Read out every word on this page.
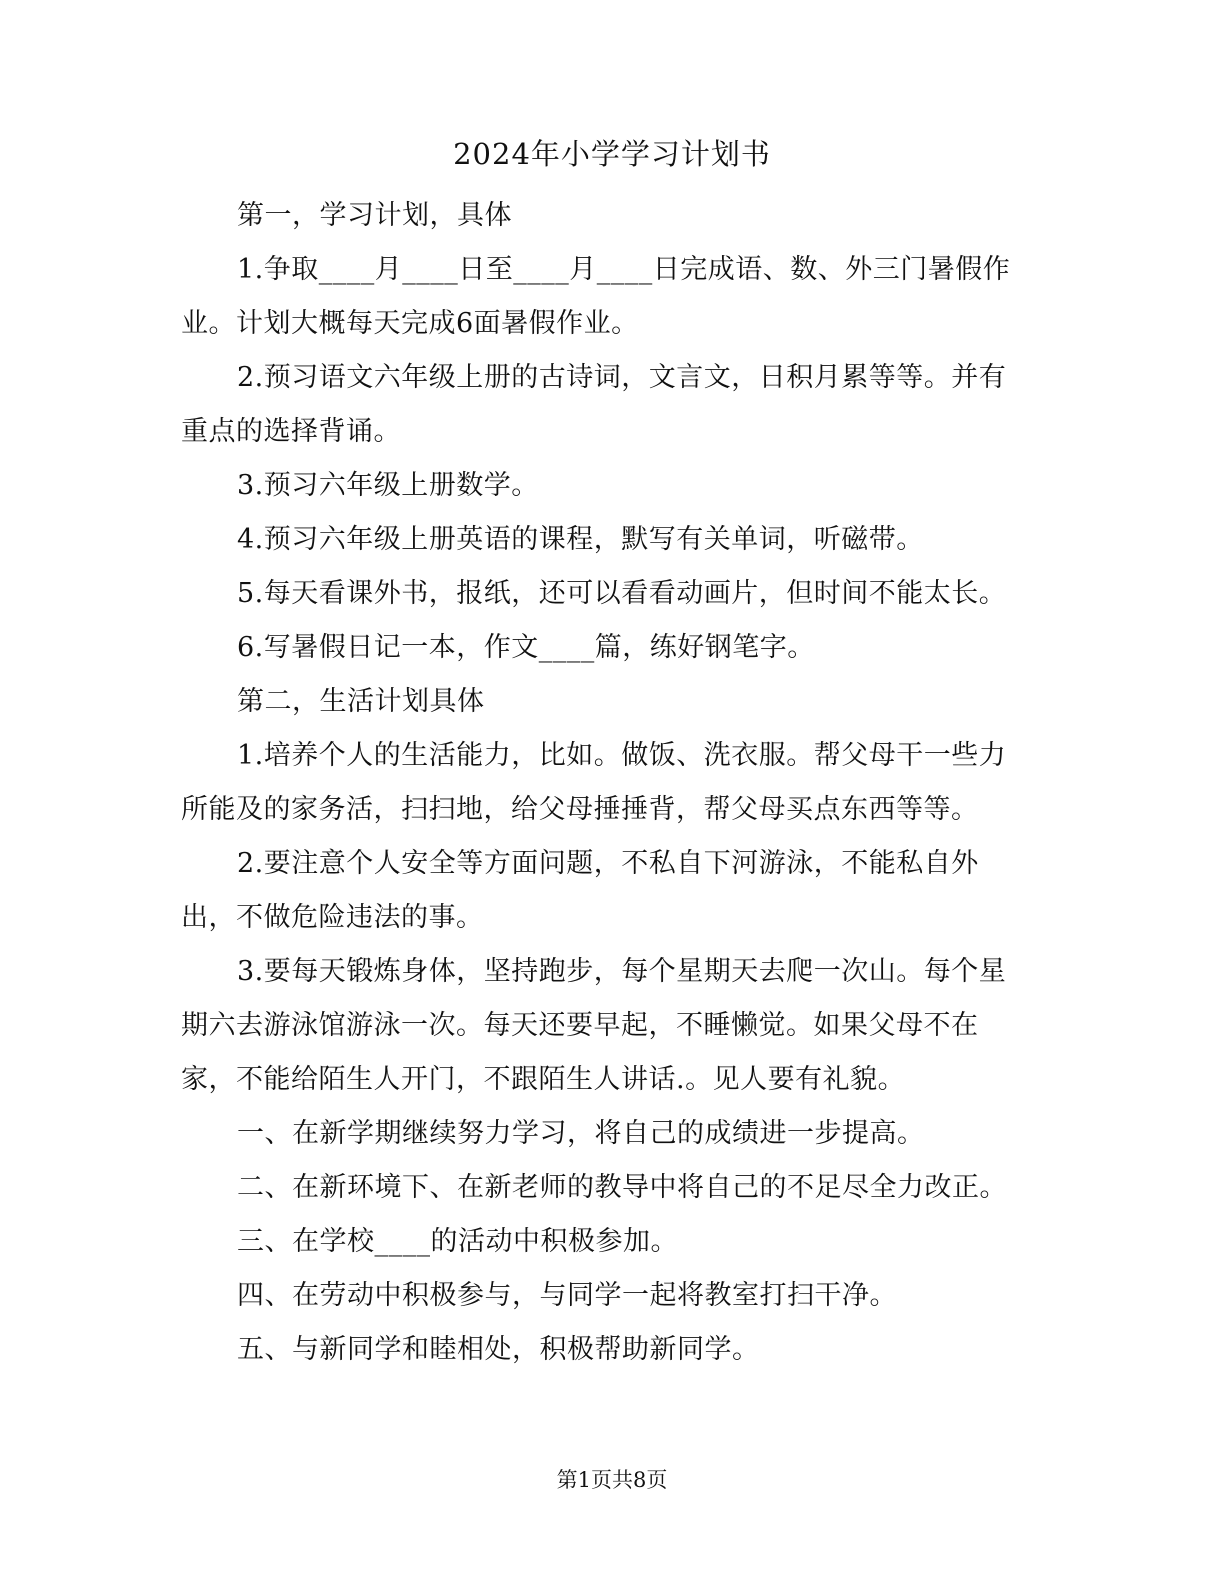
2024年小学学习计划书

第一，学习计划，具体

1.争取____月____日至____月____日完成语、数、外三门暑假作业。计划大概每天完成6面暑假作业。

2.预习语文六年级上册的古诗词，文言文，日积月累等等。并有重点的选择背诵。

3.预习六年级上册数学。

4.预习六年级上册英语的课程，默写有关单词，听磁带。

5.每天看课外书，报纸，还可以看看动画片，但时间不能太长。

6.写暑假日记一本，作文____篇，练好钢笔字。

第二，生活计划具体

1.培养个人的生活能力，比如。做饭、洗衣服。帮父母干一些力所能及的家务活，扫扫地，给父母捶捶背，帮父母买点东西等等。

2.要注意个人安全等方面问题，不私自下河游泳，不能私自外出，不做危险违法的事。

3.要每天锻炼身体，坚持跑步，每个星期天去爬一次山。每个星期六去游泳馆游泳一次。每天还要早起，不睡懒觉。如果父母不在家，不能给陌生人开门，不跟陌生人讲话.。见人要有礼貌。

一、在新学期继续努力学习，将自己的成绩进一步提高。

二、在新环境下、在新老师的教导中将自己的不足尽全力改正。

三、在学校____的活动中积极参加。

四、在劳动中积极参与，与同学一起将教室打扫干净。

五、与新同学和睦相处，积极帮助新同学。

第1页共8页
